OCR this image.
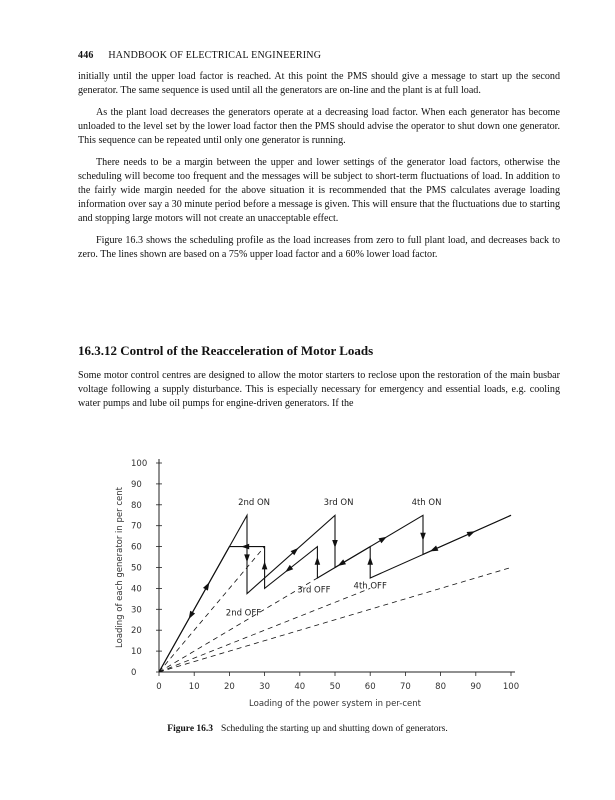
446 HANDBOOK OF ELECTRICAL ENGINEERING

initially until the upper load factor is reached. At this point the PMS should give a message to start up the second generator. The same sequence is used until all the generators are on-line and the plant is at full load.

As the plant load decreases the generators operate at a decreasing load factor. When each generator has become unloaded to the level set by the lower load factor then the PMS should advise the operator to shut down one generator. This sequence can be repeated until only one generator is running.

There needs to be a margin between the upper and lower settings of the generator load factors, otherwise the scheduling will become too frequent and the messages will be subject to short-term fluctuations of load. In addition to the fairly wide margin needed for the above situation it is recommended that the PMS calculates average loading information over say a 30 minute period before a message is given. This will ensure that the fluctuations due to starting and stopping large motors will not create an unacceptable effect.

Figure 16.3 shows the scheduling profile as the load increases from zero to full plant load, and decreases back to zero. The lines shown are based on a 75% upper load factor and a 60% lower load factor.

16.3.12 Control of the Reacceleration of Motor Loads

Some motor control centres are designed to allow the motor starters to reclose upon the restoration of the main busbar voltage following a supply disturbance. This is especially necessary for emergency and essential loads, e.g. cooling water pumps and lube oil pumps for engine-driven generators. If the

0
10
20
30
40
50
60
70
80
90
100
0	10	20	30	40	50	60	70	80	90	100
Loading of the power system in per-cent
Loading of each generator in per cent	2nd ON	3rd ON	4th ON
2nd OFF
3rd OFF	4th OFF
Figure 16.3 Scheduling the starting up and shutting down of generators.
